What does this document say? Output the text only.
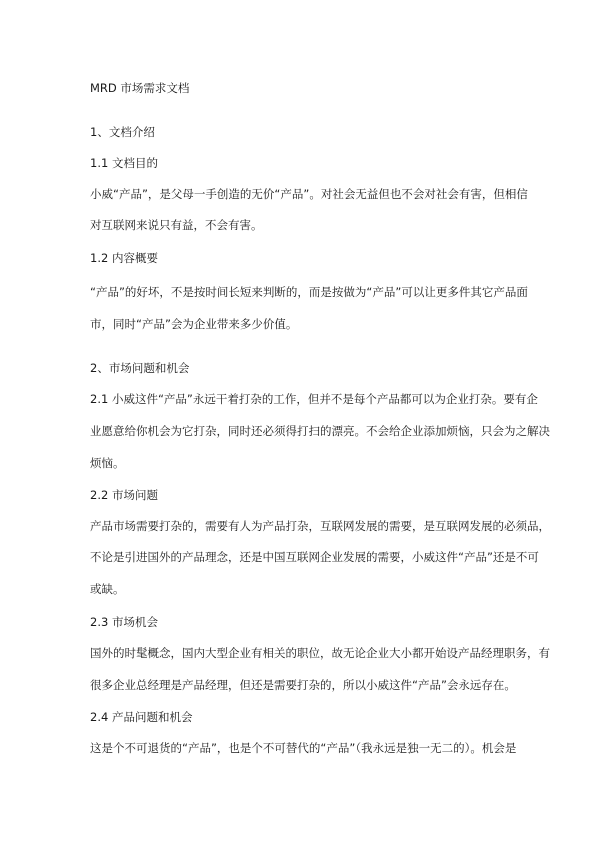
MRD 市场需求文档
1、文档介绍
1.1 文档目的
小威“产品”，是父母一手创造的无价“产品”。对社会无益但也不会对社会有害，但相信
对互联网来说只有益，不会有害。
1.2 内容概要
“产品”的好坏，不是按时间长短来判断的，而是按做为“产品”可以让更多件其它产品面
市，同时“产品”会为企业带来多少价值。
2、市场问题和机会
2.1 小威这件“产品”永远干着打杂的工作，但并不是每个产品都可以为企业打杂。要有企
业愿意给你机会为它打杂，同时还必须得打扫的漂亮。不会给企业添加烦恼，只会为之解决
烦恼。
2.2 市场问题
产品市场需要打杂的，需要有人为产品打杂，互联网发展的需要，是互联网发展的必须品，
不论是引进国外的产品理念，还是中国互联网企业发展的需要，小威这件“产品”还是不可
或缺。
2.3 市场机会
国外的时髦概念，国内大型企业有相关的职位，故无论企业大小都开始设产品经理职务，有
很多企业总经理是产品经理，但还是需要打杂的，所以小威这件“产品”会永远存在。
2.4 产品问题和机会
这是个不可退货的“产品”，也是个不可替代的“产品”（我永远是独一无二的）。机会是
